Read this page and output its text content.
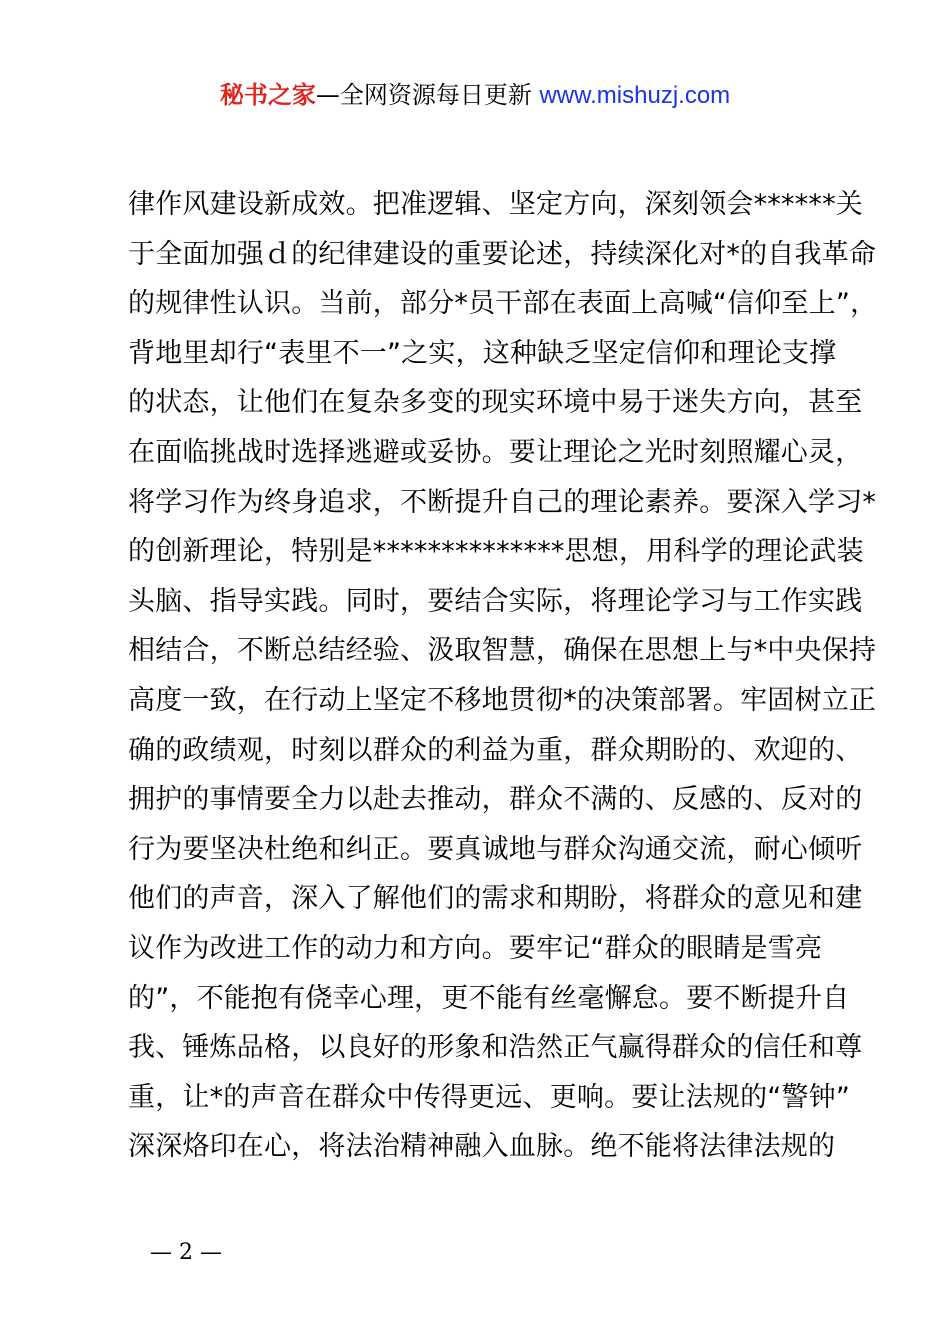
秘书之家—全网资源每日更新 www.mishuzj.com
律作风建设新成效。把准逻辑、坚定方向，深刻领会******关
于全面加强ｄ的纪律建设的重要论述，持续深化对*的自我革命
的规律性认识。当前，部分*员干部在表面上高喊“信仰至上”，
背地里却行“表里不一”之实，这种缺乏坚定信仰和理论支撑
的状态，让他们在复杂多变的现实环境中易于迷失方向，甚至
在面临挑战时选择逃避或妥协。要让理论之光时刻照耀心灵，
将学习作为终身追求，不断提升自己的理论素养。要深入学习*
的创新理论，特别是**************思想，用科学的理论武装
头脑、指导实践。同时，要结合实际，将理论学习与工作实践
相结合，不断总结经验、汲取智慧，确保在思想上与*中央保持
高度一致，在行动上坚定不移地贯彻*的决策部署。牢固树立正
确的政绩观，时刻以群众的利益为重，群众期盼的、欢迎的、
拥护的事情要全力以赴去推动，群众不满的、反感的、反对的
行为要坚决杜绝和纠正。要真诚地与群众沟通交流，耐心倾听
他们的声音，深入了解他们的需求和期盼，将群众的意见和建
议作为改进工作的动力和方向。要牢记“群众的眼睛是雪亮
的”，不能抱有侥幸心理，更不能有丝毫懈怠。要不断提升自
我、锤炼品格，以良好的形象和浩然正气赢得群众的信任和尊
重，让*的声音在群众中传得更远、更响。要让法规的“警钟”
深深烙印在心，将法治精神融入血脉。绝不能将法律法规的
— 2 —
